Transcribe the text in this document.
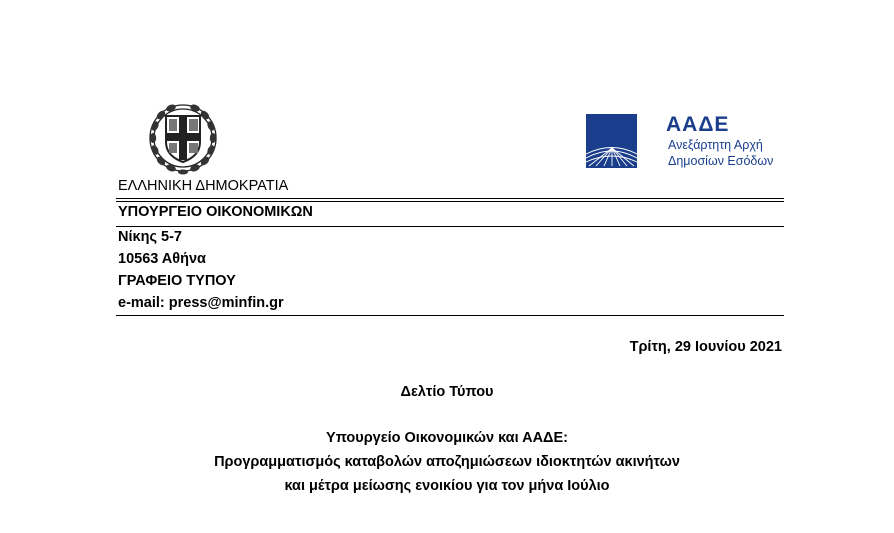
ΑΑΔΕ
Ανεξάρτητη Αρχή
Δημοσίων Εσόδων
ΕΛΛΗΝΙΚΗ ΔΗΜΟΚΡΑΤΙΑ
ΥΠΟΥΡΓΕΙΟ ΟΙΚΟΝΟΜΙΚΩΝ
Νίκης 5-7
10563 Αθήνα
ΓΡΑΦΕΙΟ ΤΥΠΟΥ
e-mail: press@minfin.gr
Τρίτη, 29 Ιουνίου 2021
Δελτίο Τύπου
Υπουργείο Οικονομικών και ΑΑΔΕ:
Προγραμματισμός καταβολών αποζημιώσεων ιδιοκτητών ακινήτων
και μέτρα μείωσης ενοικίου για τον μήνα Ιούλιο
